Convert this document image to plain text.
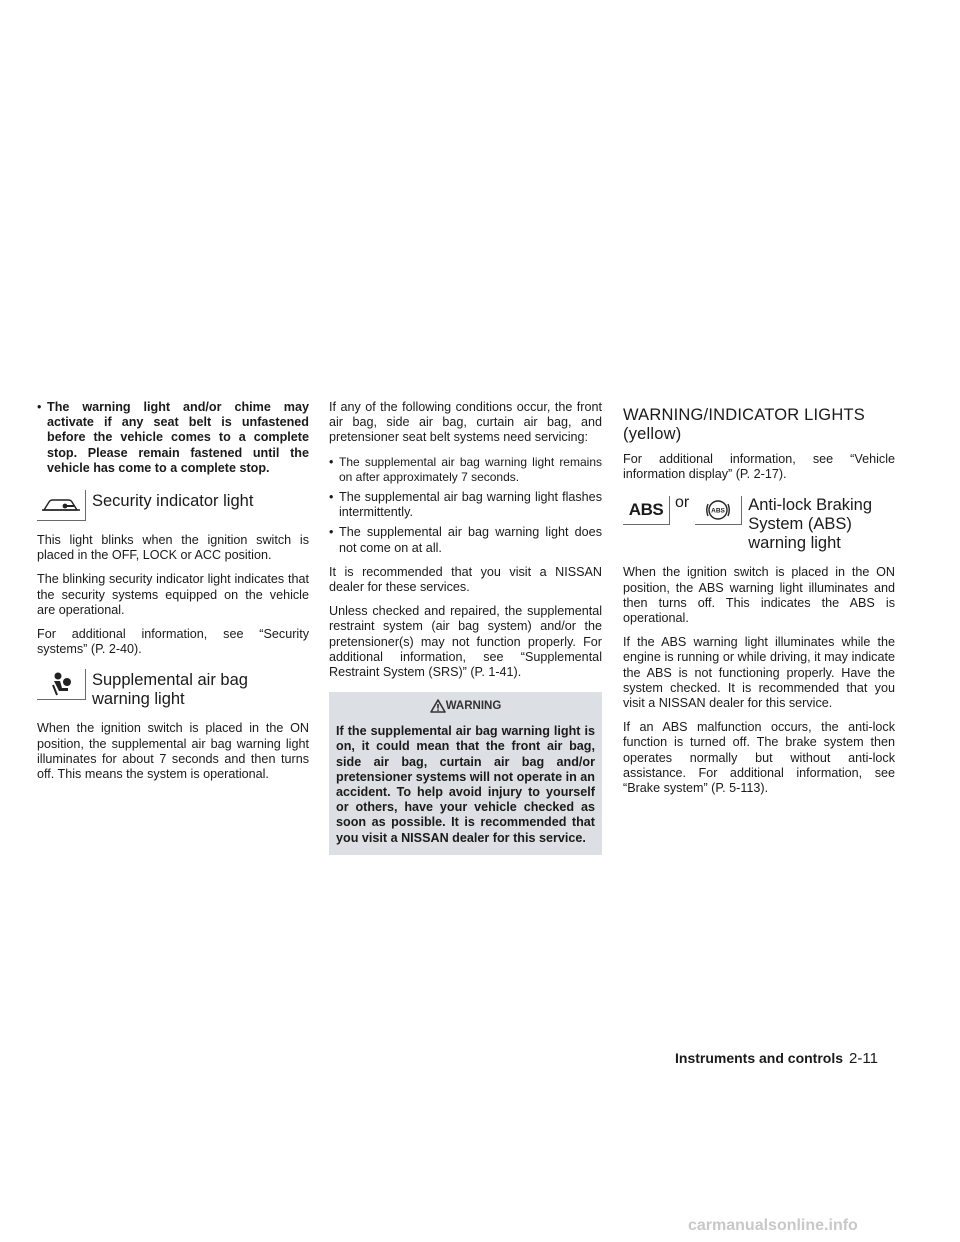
• The warning light and/or chime may activate if any seat belt is unfastened before the vehicle comes to a complete stop. Please remain fastened until the vehicle has come to a complete stop.
Security indicator light

This light blinks when the ignition switch is placed in the OFF, LOCK or ACC position.

The blinking security indicator light indicates that the security systems equipped on the vehicle are operational.

For additional information, see “Security systems” (P. 2-40).

Supplemental air bag
warning light

When the ignition switch is placed in the ON position, the supplemental air bag warning light illuminates for about 7 seconds and then turns off. This means the system is operational.

If any of the following conditions occur, the front air bag, side air bag, curtain air bag, and pretensioner seat belt systems need servicing:

• The supplemental air bag warning light remains on after approximately 7 seconds.
• The supplemental air bag warning light flashes intermittently.
• The supplemental air bag warning light does not come on at all.

It is recommended that you visit a NISSAN dealer for these services.

Unless checked and repaired, the supplemental restraint system (air bag system) and/or the pretensioner(s) may not function properly. For additional information, see “Supplemental Restraint System (SRS)” (P. 1-41).

WARNING
If the supplemental air bag warning light is on, it could mean that the front air bag, side air bag, curtain air bag and/or pretensioner systems will not operate in an accident. To help avoid injury to yourself or others, have your vehicle checked as soon as possible. It is recommended that you visit a NISSAN dealer for this service.
WARNING/INDICATOR LIGHTS
(yellow)

For additional information, see “Vehicle information display” (P. 2-17).

ABS or	ABS Anti-lock Braking
System (ABS)
warning light

When the ignition switch is placed in the ON position, the ABS warning light illuminates and then turns off. This indicates the ABS is operational.

If the ABS warning light illuminates while the engine is running or while driving, it may indicate the ABS is not functioning properly. Have the system checked. It is recommended that you visit a NISSAN dealer for this service.

If an ABS malfunction occurs, the anti-lock function is turned off. The brake system then operates normally but without anti-lock assistance. For additional information, see “Brake system” (P. 5-113).

Instruments and controls 2-11
carmanualsonline.info
